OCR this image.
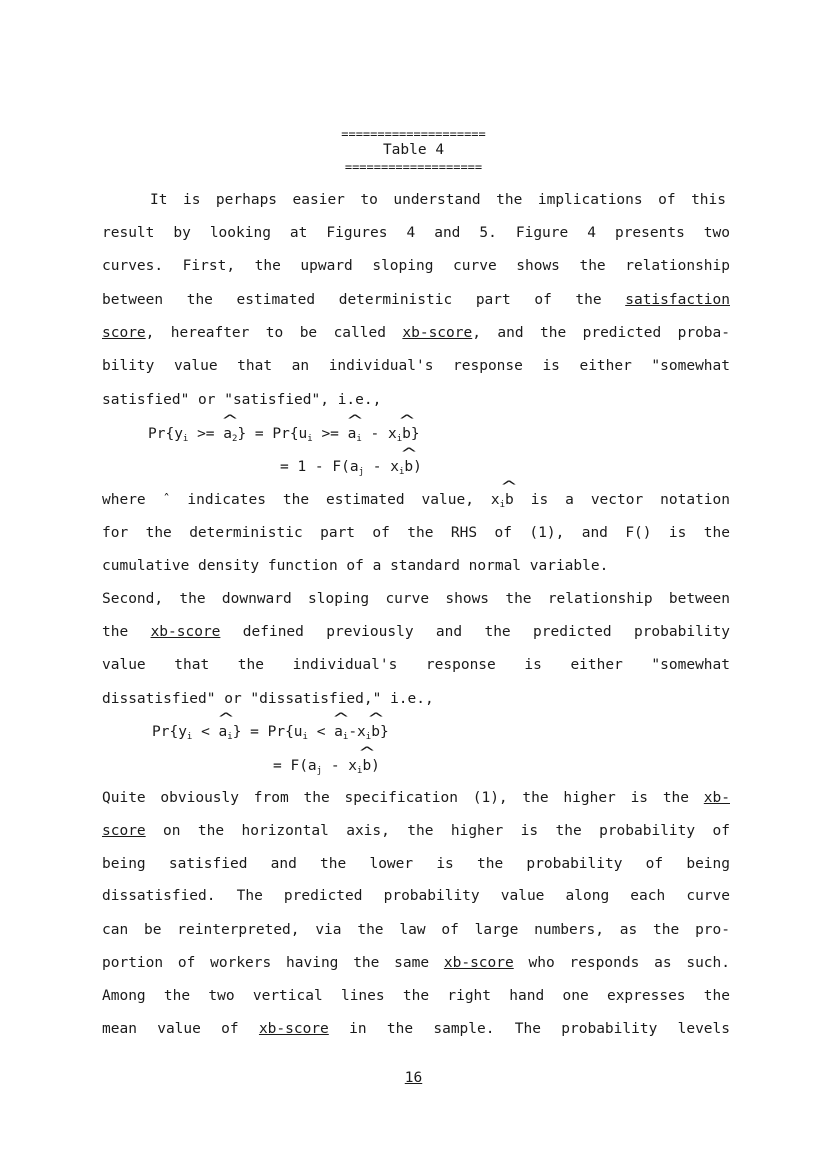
====================
Table 4
===================
It is perhaps easier to understand the implications of this
result by looking at Figures 4 and 5. Figure 4 presents two
curves. First, the upward sloping curve shows the relationship
between the estimated deterministic part of the satisfaction
score, hereafter to be called xb-score, and the predicted proba-
bility value that an individual's response is either "somewhat
satisfied" or "satisfied", i.e.,
$Pr\{y_i$ >= ^ $a_2\} = Pr\{u_i$ >= ^ $a_i$ - $x_i\^{}$ b}
= $1 - F(a_j$ - $x_i\^{}$ b)
where ˆ indicates the estimated value, $x_i\^{}$ b is a vector notation
for the deterministic part of the RHS of (1), and F() is the
cumulative density function of a standard normal variable.
Second, the downward sloping curve shows the relationship between
the xb-score defined previously and the predicted probability
value that the individual's response is either "somewhat
dissatisfied" or "dissatisfied," i.e.,
$Pr\{y_i$ < ^ $a_i\} = Pr\{u_i$ < ^ $a_i-x_i\^{}$ b}
= $F(a_j$ - $x_i\^{}$ b)
Quite obviously from the specification (1), the higher is the xb-
score on the horizontal axis, the higher is the probability of
being satisfied and the lower is the probability of being
dissatisfied. The predicted probability value along each curve
can be reinterpreted, via the law of large numbers, as the pro-
portion of workers having the same xb-score who responds as such.
Among the two vertical lines the right hand one expresses the
mean value of xb-score in the sample. The probability levels
16
